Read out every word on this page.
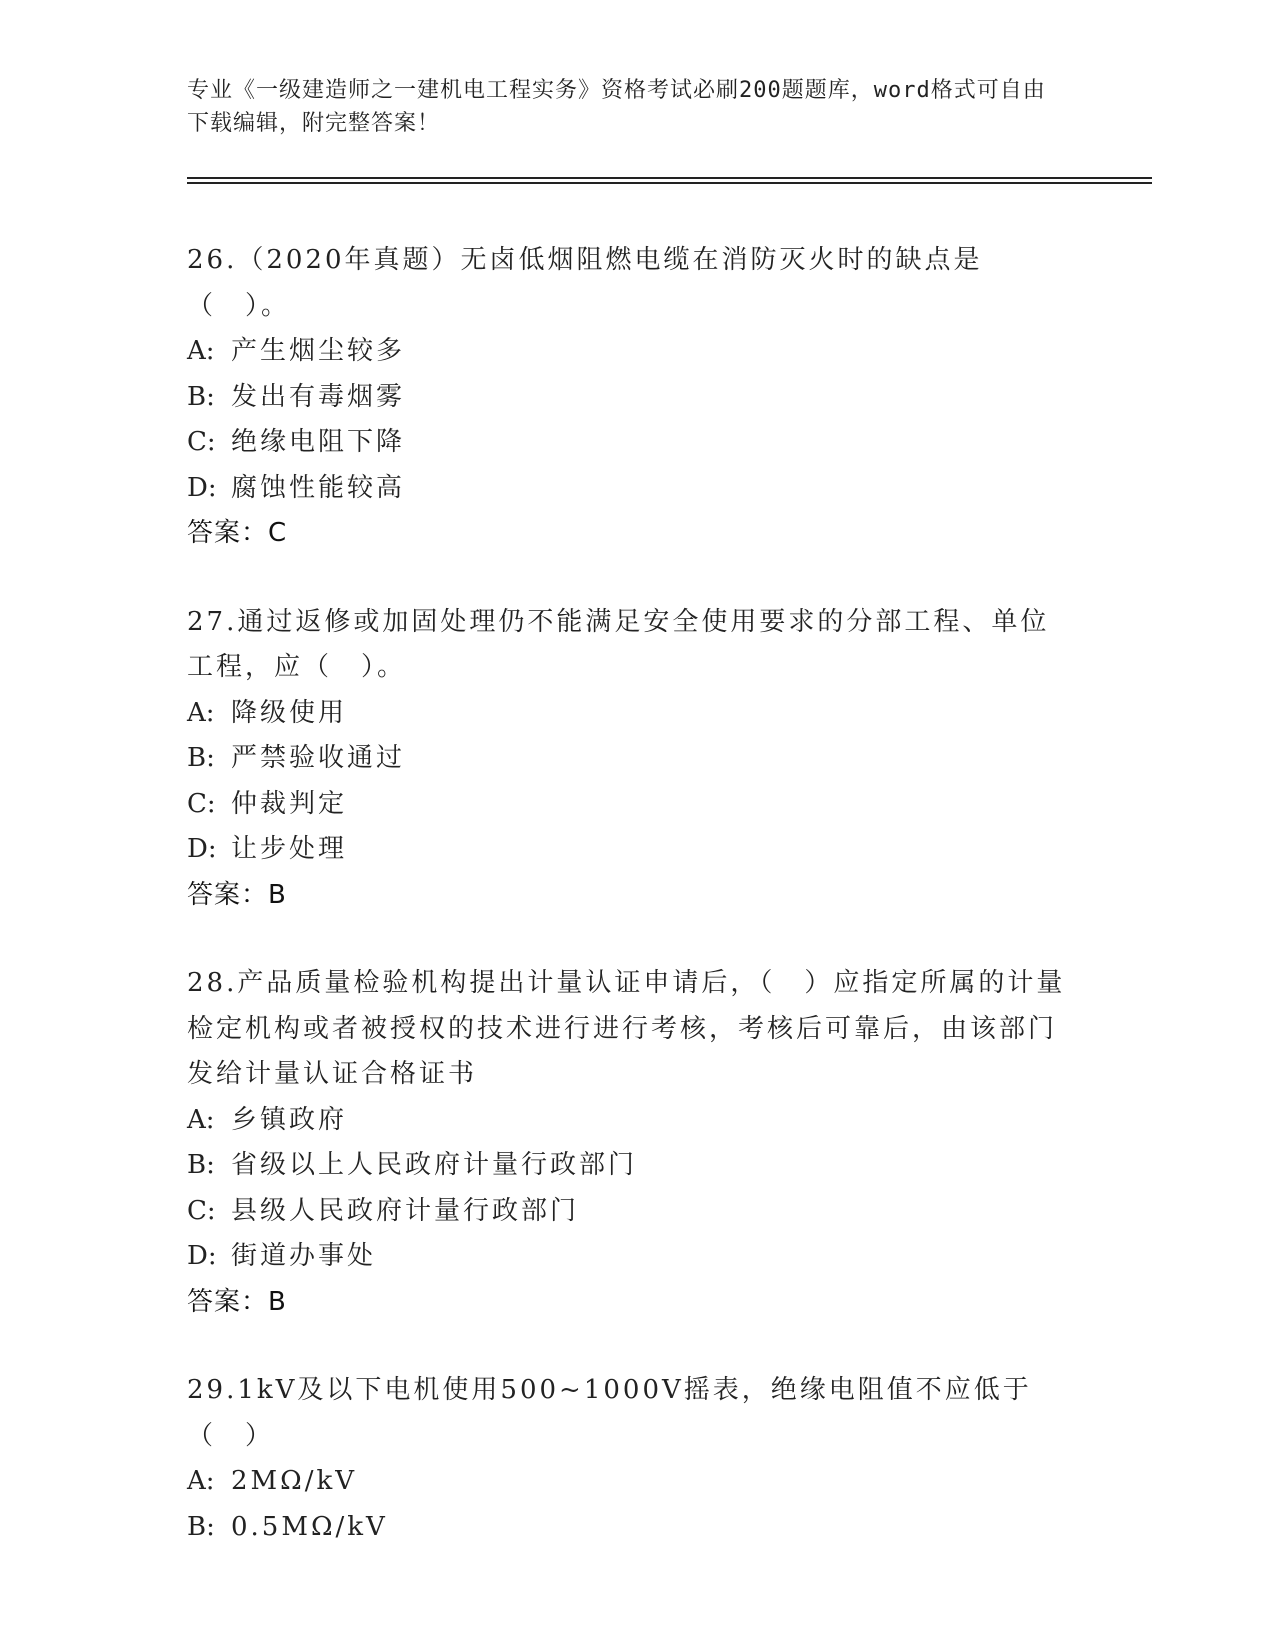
专业《一级建造师之一建机电工程实务》资格考试必刷200题题库，word格式可自由下载编辑，附完整答案！
26.（2020年真题）无卤低烟阻燃电缆在消防灭火时的缺点是（　）。
A: 产生烟尘较多
B: 发出有毒烟雾
C: 绝缘电阻下降
D: 腐蚀性能较高
答案：C
27.通过返修或加固处理仍不能满足安全使用要求的分部工程、单位工程，应（　）。
A: 降级使用
B: 严禁验收通过
C: 仲裁判定
D: 让步处理
答案：B
28.产品质量检验机构提出计量认证申请后，（　）应指定所属的计量检定机构或者被授权的技术进行进行考核，考核后可靠后，由该部门发给计量认证合格证书
A: 乡镇政府
B: 省级以上人民政府计量行政部门
C: 县级人民政府计量行政部门
D: 街道办事处
答案：B
29.1kV及以下电机使用500~1000V摇表，绝缘电阻值不应低于（　）
A: 2MΩ/kV
B: 0.5MΩ/kV
